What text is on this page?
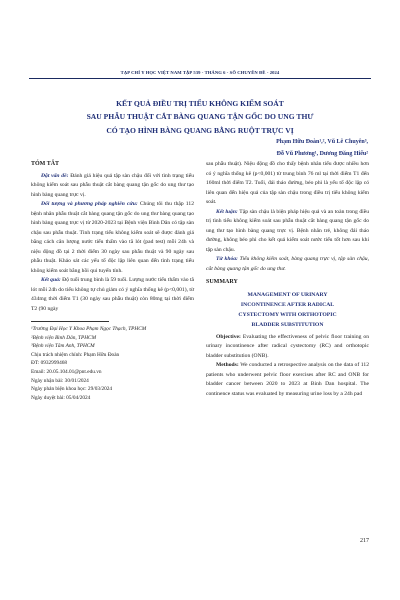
TẠP CHÍ Y HỌC VIỆT NAM TẬP 539 - THÁNG 6 - SỐ CHUYÊN ĐỀ - 2024
KẾT QUẢ ĐIỀU TRỊ TIỂU KHÔNG KIỂM SOÁT
SAU PHẪU THUẬT CẮT BÀNG QUANG TẬN GỐC DO UNG THƯ
CÓ TẠO HÌNH BÀNG QUANG BẰNG RUỘT TRỰC VỊ
Phạm Hữu Đoàn¹,², Vũ Lê Chuyên³,
Đỗ Vũ Phương¹, Dương Đăng Hiếu²
TÓM TẮT

Đặt vấn đề: Đánh giá hiệu quả tập sàn chậu đối với tình trạng tiểu không kiểm soát sau phẫu thuật cắt bàng quang tận gốc do ung thư tạo hình bàng quang trực vị.

Đối tượng và phương pháp nghiên cứu: Chúng tôi thu thập 112 bệnh nhân phẫu thuật cắt bàng quang tận gốc do ung thư bàng quang tạo hình bàng quang trực vị từ 2020-2023 tại Bệnh viện Bình Dân có tập sàn chậu sau phẫu thuật. Tình trạng tiểu không kiểm soát sẽ được đánh giá bằng cách cân lượng nước tiểu thấm vào tã lót (pad test) mỗi 24h và niệu động đồ tại 2 thời điểm 30 ngày sau phẫu thuật và 90 ngày sau phẫu thuật. Khảo sát các yếu tố độc lập liên quan đến tình trạng tiểu không kiểm soát bằng hồi qui tuyến tính.

Kết quả: Độ tuổi trung bình là 59 tuổi. Lượng nước tiểu thấm vào tã lót mỗi 24h do tiểu không tự chủ giảm có ý nghĩa thống kê (p<0,001), từ 434mg thời điểm T1 (30 ngày sau phẫu thuật) còn 80mg tại thời điểm T2 (90 ngày

¹Trường Đại Học Y Khoa Phạm Ngọc Thạch, TPHCM

²Bệnh viện Bình Dân, TPHCM

³Bệnh viện Tâm Anh, TPHCM

Chịu trách nhiệm chính: Phạm Hữu Đoàn

ĐT: 0932999468

Email: 20.05.104.01@pnt.edu.vn

Ngày nhận bài: 30/01/2024

Ngày phản biện khoa học: 29/03/2024

Ngày duyệt bài: 05/04/2024

sau phẫu thuật). Niệu động đồ cho thấy bệnh nhân tiểu được nhiều hơn có ý nghĩa thống kê (p<0,001) từ trung bình 76 ml tại thời điểm T1 đến 160ml thời điểm T2. Tuổi, đái tháo đường, béo phì là yếu tố độc lập có liên quan đến hiệu quả của tập sàn chậu trong điều trị tiểu không kiểm soát.

Kết luận: Tập sàn chậu là biện pháp hiệu quả và an toàn trong điều trị tình tiểu không kiểm soát sau phẫu thuật cắt bàng quang tận gốc do ung thư tạo hình bàng quang trực vị. Bệnh nhân trẻ, không đái tháo đường, không béo phì cho kết quả kiểm soát nước tiểu tốt hơn sau khi tập sàn chậu.

Từ khóa: Tiểu không kiểm soát, bàng quang trực vị, tập sàn chậu, cắt bàng quang tận gốc do ung thư.

SUMMARY
MANAGEMENT OF URINARY
INCONTINENCE AFTER RADICAL
CYSTECTOMY WITH ORTHOTOPIC
BLADDER SUBSTITUTION

Objective: Evaluating the effectiveness of pelvic floor training on urinary incontinence after radical cystectomy (RC) and orthotopic bladder substitution (ONB).

Methods: We conducted a retrospective analysis on the data of 112 patients who underwent pelvic floor exercises after RC and ONB for bladder cancer between 2020 to 2023 at Binh Dan hospital. The continence status was evaluated by measuring urine loss by a 24h pad

217
